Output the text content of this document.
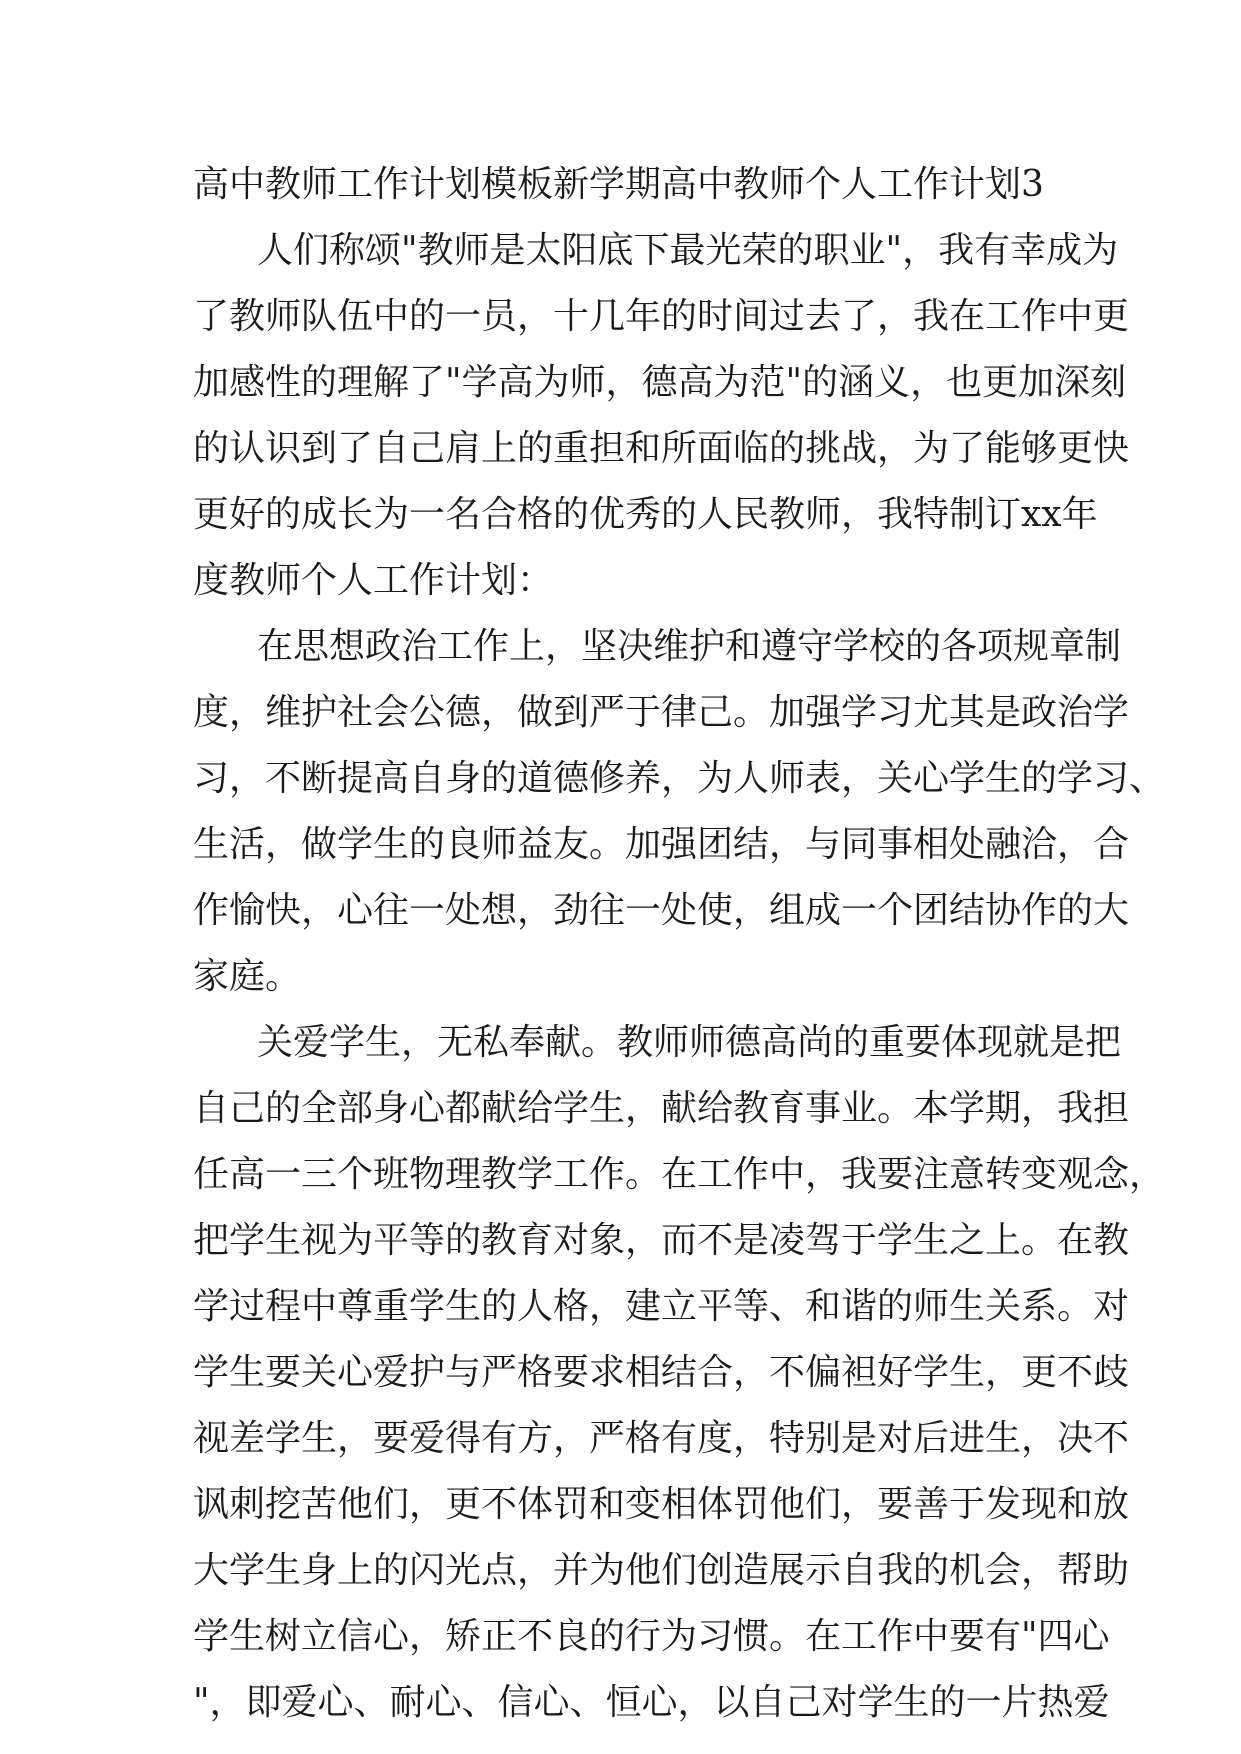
高中教师工作计划模板新学期高中教师个人工作计划3
人们称颂"教师是太阳底下最光荣的职业"，我有幸成为
了教师队伍中的一员，十几年的时间过去了，我在工作中更
加感性的理解了"学高为师，德高为范"的涵义，也更加深刻
的认识到了自己肩上的重担和所面临的挑战，为了能够更快
更好的成长为一名合格的优秀的人民教师，我特制订xx年
度教师个人工作计划：
在思想政治工作上，坚决维护和遵守学校的各项规章制
度，维护社会公德，做到严于律己。加强学习尤其是政治学
习，不断提高自身的道德修养，为人师表，关心学生的学习、
生活，做学生的良师益友。加强团结，与同事相处融洽，合
作愉快，心往一处想，劲往一处使，组成一个团结协作的大
家庭。
关爱学生，无私奉献。教师师德高尚的重要体现就是把
自己的全部身心都献给学生，献给教育事业。本学期，我担
任高一三个班物理教学工作。在工作中，我要注意转变观念，
把学生视为平等的教育对象，而不是凌驾于学生之上。在教
学过程中尊重学生的人格，建立平等、和谐的师生关系。对
学生要关心爱护与严格要求相结合，不偏袒好学生，更不歧
视差学生，要爱得有方，严格有度，特别是对后进生，决不
讽刺挖苦他们，更不体罚和变相体罚他们，要善于发现和放
大学生身上的闪光点，并为他们创造展示自我的机会，帮助
学生树立信心，矫正不良的行为习惯。在工作中要有"四心
"，即爱心、耐心、信心、恒心，以自己对学生的一片热爱
